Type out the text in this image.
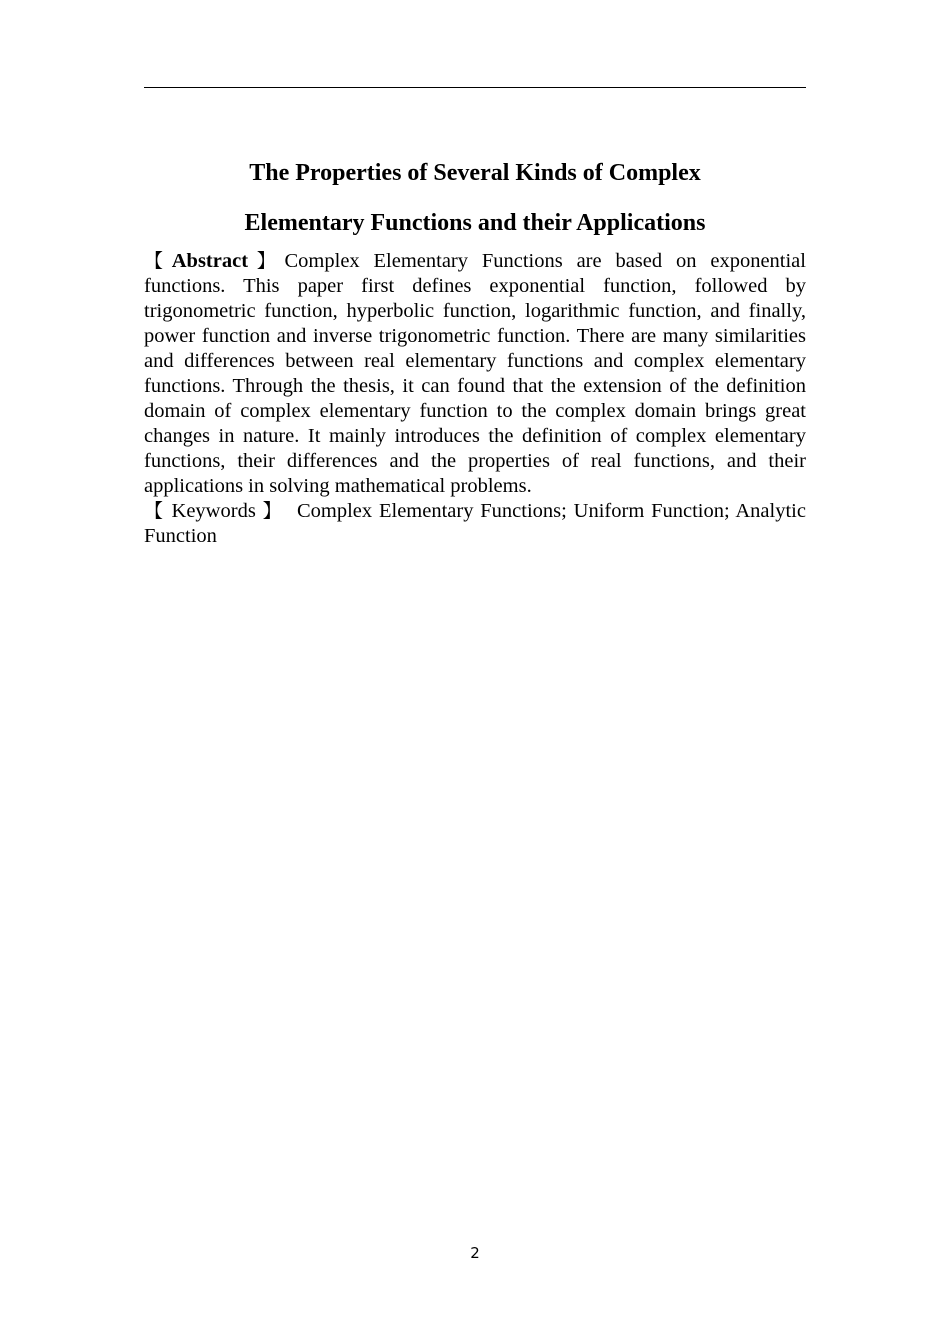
The Properties of Several Kinds of Complex

Elementary Functions and their Applications

【Abstract】Complex Elementary Functions are based on exponential functions. This paper first defines exponential function, followed by trigonometric function, hyperbolic function, logarithmic function, and finally, power function and inverse trigonometric function. There are many similarities and differences between real elementary functions and complex elementary functions. Through the thesis, it can found that the extension of the definition domain of complex elementary function to the complex domain brings great changes in nature. It mainly introduces the definition of complex elementary functions, their differences and the properties of real functions, and their applications in solving mathematical problems.

【 Keywords 】 Complex Elementary Functions; Uniform Function; Analytic Function

2
